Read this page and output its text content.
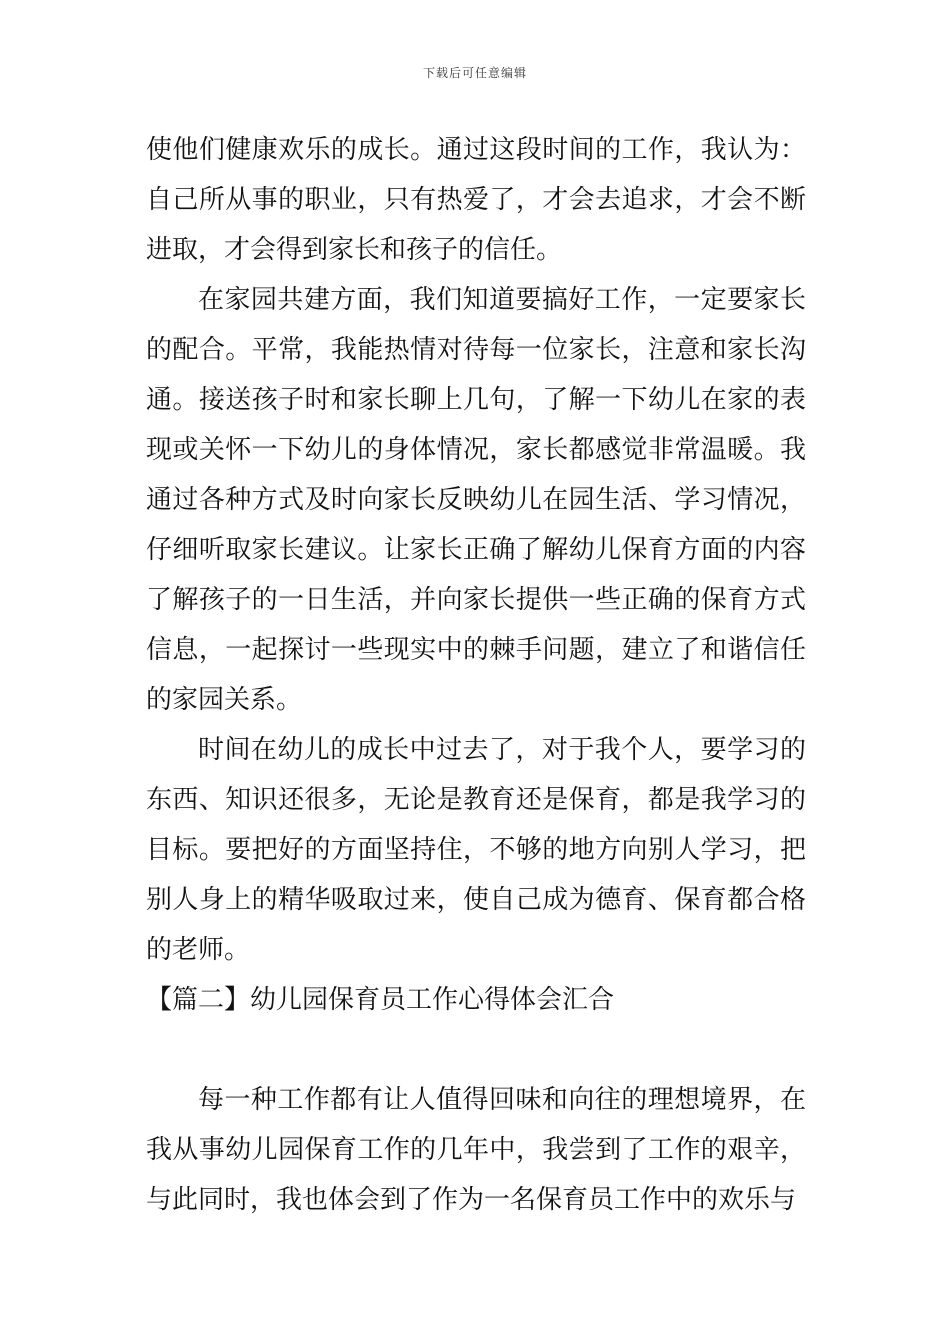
下载后可任意编辑

使他们健康欢乐的成长。通过这段时间的工作，我认为：自己所从事的职业，只有热爱了，才会去追求，才会不断进取，才会得到家长和孩子的信任。

在家园共建方面，我们知道要搞好工作，一定要家长的配合。平常，我能热情对待每一位家长，注意和家长沟通。接送孩子时和家长聊上几句，了解一下幼儿在家的表现或关怀一下幼儿的身体情况，家长都感觉非常温暖。我通过各种方式及时向家长反映幼儿在园生活、学习情况，仔细听取家长建议。让家长正确了解幼儿保育方面的内容了解孩子的一日生活，并向家长提供一些正确的保育方式信息，一起探讨一些现实中的棘手问题，建立了和谐信任的家园关系。

时间在幼儿的成长中过去了，对于我个人，要学习的东西、知识还很多，无论是教育还是保育，都是我学习的目标。要把好的方面坚持住，不够的地方向别人学习，把别人身上的精华吸取过来，使自己成为德育、保育都合格的老师。

【篇二】幼儿园保育员工作心得体会汇合

每一种工作都有让人值得回味和向往的理想境界，在我从事幼儿园保育工作的几年中，我尝到了工作的艰辛，与此同时，我也体会到了作为一名保育员工作中的欢乐与
